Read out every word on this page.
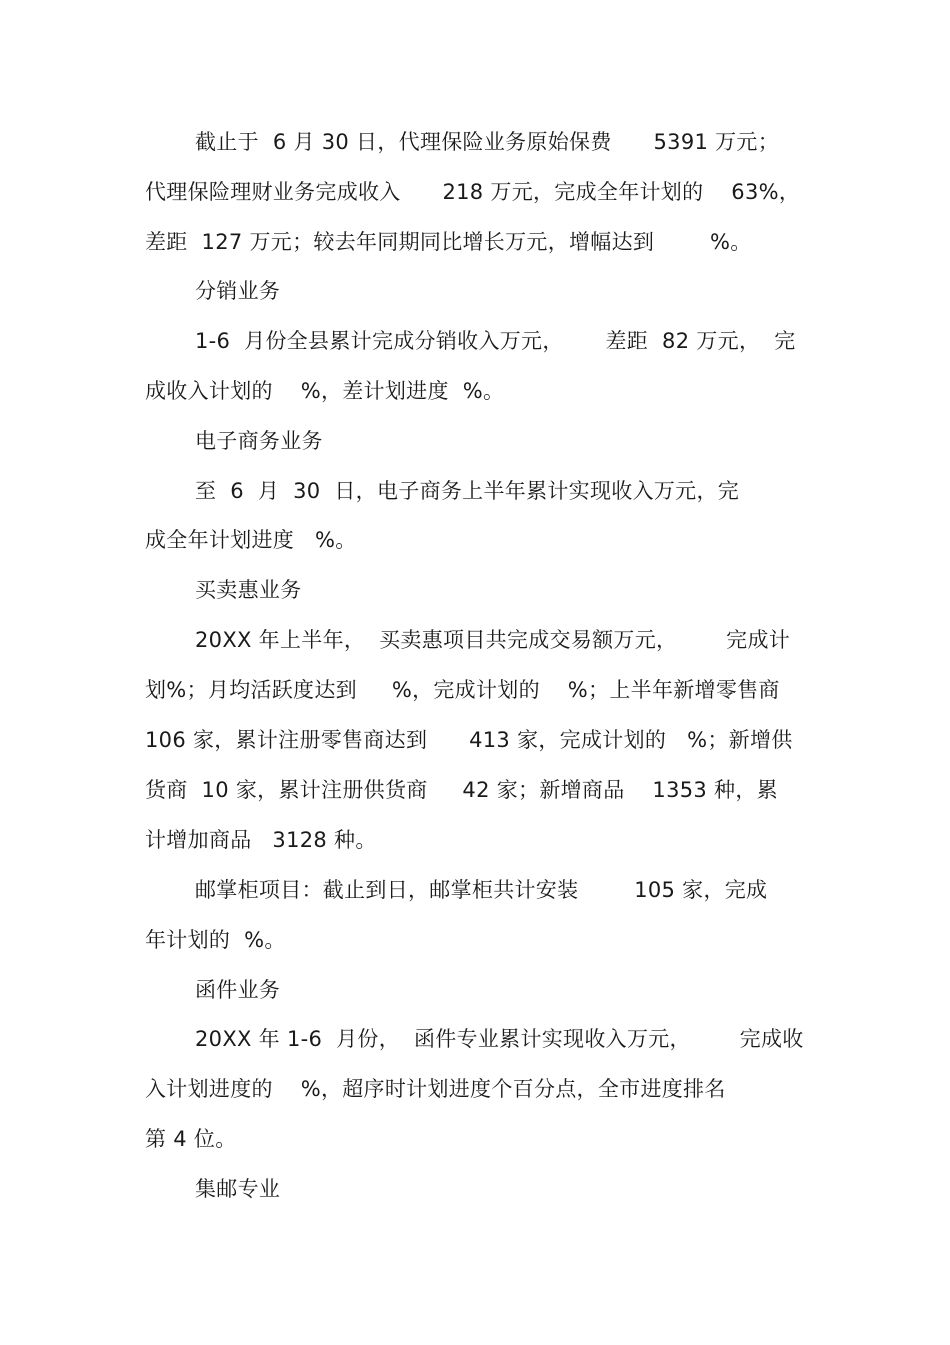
截止于  6 月 30 日，代理保险业务原始保费      5391 万元；
代理保险理财业务完成收入      218 万元，完成全年计划的    63%，
差距  127 万元；较去年同期同比增长万元，增幅达到        %。
分销业务
1-6  月份全县累计完成分销收入万元，      差距  82 万元，  完
成收入计划的    %，差计划进度  %。
电子商务业务
至  6  月  30  日，电子商务上半年累计实现收入万元，完
成全年计划进度   %。
买卖惠业务
20XX 年上半年，  买卖惠项目共完成交易额万元，       完成计
划%；月均活跃度达到     %，完成计划的    %；上半年新增零售商
106 家，累计注册零售商达到      413 家，完成计划的   %；新增供
货商  10 家，累计注册供货商     42 家；新增商品    1353 种，累
计增加商品   3128 种。
邮掌柜项目：截止到日，邮掌柜共计安装        105 家，完成
年计划的  %。
函件业务
20XX 年 1-6  月份，  函件专业累计实现收入万元，       完成收
入计划进度的    %，超序时计划进度个百分点，全市进度排名
第 4 位。
集邮专业
